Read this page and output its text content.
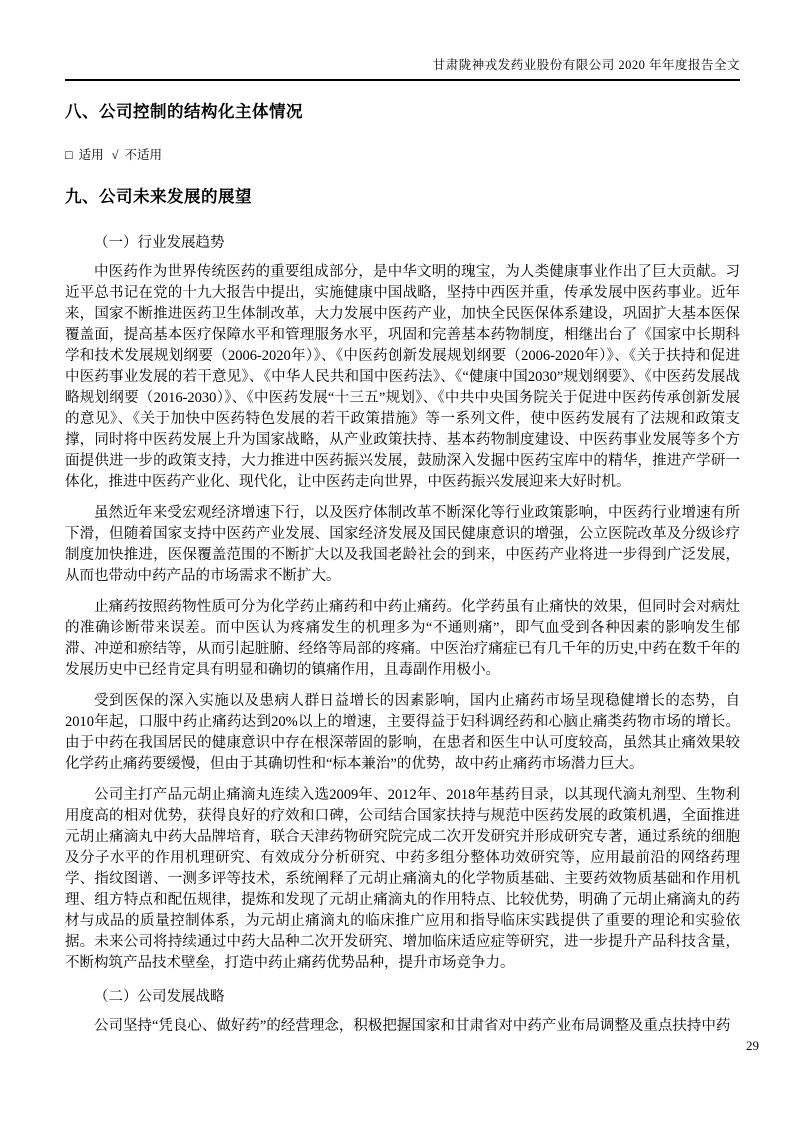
甘肃陇神戎发药业股份有限公司 2020 年年度报告全文
八、公司控制的结构化主体情况
□ 适用 √ 不适用
九、公司未来发展的展望
（一）行业发展趋势

中医药作为世界传统医药的重要组成部分，是中华文明的瑰宝，为人类健康事业作出了巨大贡献。习近平总书记在党的十九大报告中提出，实施健康中国战略，坚持中西医并重，传承发展中医药事业。近年来，国家不断推进医药卫生体制改革，大力发展中医药产业，加快全民医保体系建设，巩固扩大基本医保覆盖面，提高基本医疗保障水平和管理服务水平，巩固和完善基本药物制度，相继出台了《国家中长期科学和技术发展规划纲要（2006-2020年）》、《中医药创新发展规划纲要（2006-2020年）》、《关于扶持和促进中医药事业发展的若干意见》、《中华人民共和国中医药法》、《“健康中国2030”规划纲要》、《中医药发展战略规划纲要（2016-2030）》、《中医药发展“十三五”规划》、《中共中央国务院关于促进中医药传承创新发展的意见》、《关于加快中医药特色发展的若干政策措施》等一系列文件，使中医药发展有了法规和政策支撑，同时将中医药发展上升为国家战略，从产业政策扶持、基本药物制度建设、中医药事业发展等多个方面提供进一步的政策支持，大力推进中医药振兴发展，鼓励深入发掘中医药宝库中的精华，推进产学研一体化，推进中医药产业化、现代化，让中医药走向世界，中医药振兴发展迎来大好时机。

虽然近年来受宏观经济增速下行，以及医疗体制改革不断深化等行业政策影响，中医药行业增速有所下滑，但随着国家支持中医药产业发展、国家经济发展及国民健康意识的增强，公立医院改革及分级诊疗制度加快推进，医保覆盖范围的不断扩大以及我国老龄社会的到来，中医药产业将进一步得到广泛发展，从而也带动中药产品的市场需求不断扩大。

止痛药按照药物性质可分为化学药止痛药和中药止痛药。化学药虽有止痛快的效果，但同时会对病灶的准确诊断带来误差。而中医认为疼痛发生的机理多为“不通则痛”，即气血受到各种因素的影响发生郁滞、冲逆和瘀结等，从而引起脏腑、经络等局部的疼痛。中医治疗痛症已有几千年的历史,中药在数千年的发展历史中已经肯定具有明显和确切的镇痛作用，且毒副作用极小。

受到医保的深入实施以及患病人群日益增长的因素影响，国内止痛药市场呈现稳健增长的态势，自2010年起，口服中药止痛药达到20%以上的增速，主要得益于妇科调经药和心脑止痛类药物市场的增长。由于中药在我国居民的健康意识中存在根深蒂固的影响，在患者和医生中认可度较高，虽然其止痛效果较化学药止痛药要缓慢，但由于其确切性和“标本兼治”的优势，故中药止痛药市场潜力巨大。

公司主打产品元胡止痛滴丸连续入选2009年、2012年、2018年基药目录，以其现代滴丸剂型、生物利用度高的相对优势，获得良好的疗效和口碑，公司结合国家扶持与规范中医药发展的政策机遇，全面推进元胡止痛滴丸中药大品牌培育，联合天津药物研究院完成二次开发研究并形成研究专著，通过系统的细胞及分子水平的作用机理研究、有效成分分析研究、中药多组分整体功效研究等，应用最前沿的网络药理学、指纹图谱、一测多评等技术，系统阐释了元胡止痛滴丸的化学物质基础、主要药效物质基础和作用机理、组方特点和配伍规律，提炼和发现了元胡止痛滴丸的作用特点、比较优势，明确了元胡止痛滴丸的药材与成品的质量控制体系，为元胡止痛滴丸的临床推广应用和指导临床实践提供了重要的理论和实验依据。未来公司将持续通过中药大品种二次开发研究、增加临床适应症等研究，进一步提升产品科技含量，不断构筑产品技术壁垒，打造中药止痛药优势品种，提升市场竞争力。

（二）公司发展战略

公司坚持“凭良心、做好药”的经营理念，积极把握国家和甘肃省对中药产业布局调整及重点扶持中药

29
